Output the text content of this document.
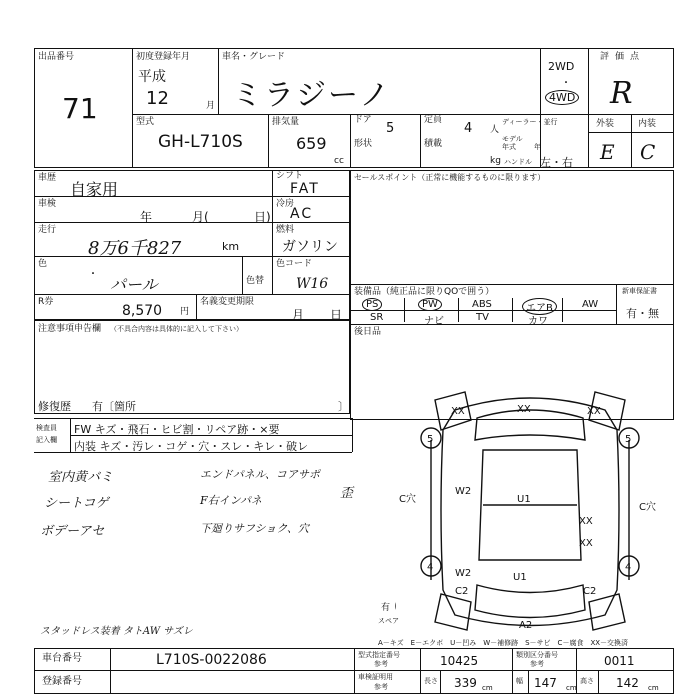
出品番号
71
初度登録年月
平成
12	月
車名・グレード
ミラジーノ
2WD
・
4WD
評価点
R
型式
GH-L710S
排気量
659
cc
ドア
5
定員
4 人
ディーラー・並行
モデル
年式	年
形状	積載
kg ハンドル 左・右
外装	内装
E C
車歴
自家用
車検
年	月(	日)
走行
8万6千827	km
シフト
FAT
冷房
AC
燃料
ガソリン
色
・
パール	色替
色コード
W16
R券
8,570 円
名義変更期限
月 日
セールスポイント（正常に機能するものに限ります）
装備品（純正品に限りQOで囲う）
PS	PW	ABS	エアB	AW
SR	ナビ	TV	カワ
新車保証書
有・無
後日品
注意事項申告欄 （不具合内容は具体的に記入して下さい）
修復歴 有〔箇所	〕
検査員
記入欄
FW キズ・飛石・ヒビ割・リペア跡・×要
内装 キズ・汚レ・コゲ・穴・スレ・キレ・破レ
室内黄バミ
シートコゲ
ボデーアセ
エンドパネル、コアサポ
F右インパネ
下廻りサフショク、穴
歪
スタッドレス装着 タトAW サズレ
XX	XX	XX
5	5
4	4
W2
U1
XX
XX
W2	U1
C穴
C2	C2
A2
C穴
有
スペア
A－キズ　E－エクボ　U－凹み　W－補修跡　S－サビ　C－腐食　XX－交換済
車台番号	L710S-0022086
登録番号
型式指定番号
参考	10425	類別区分番号
参考	0011
車検証明用
参考
長さ 339 cm
幅 147 cm
高さ 142 cm
